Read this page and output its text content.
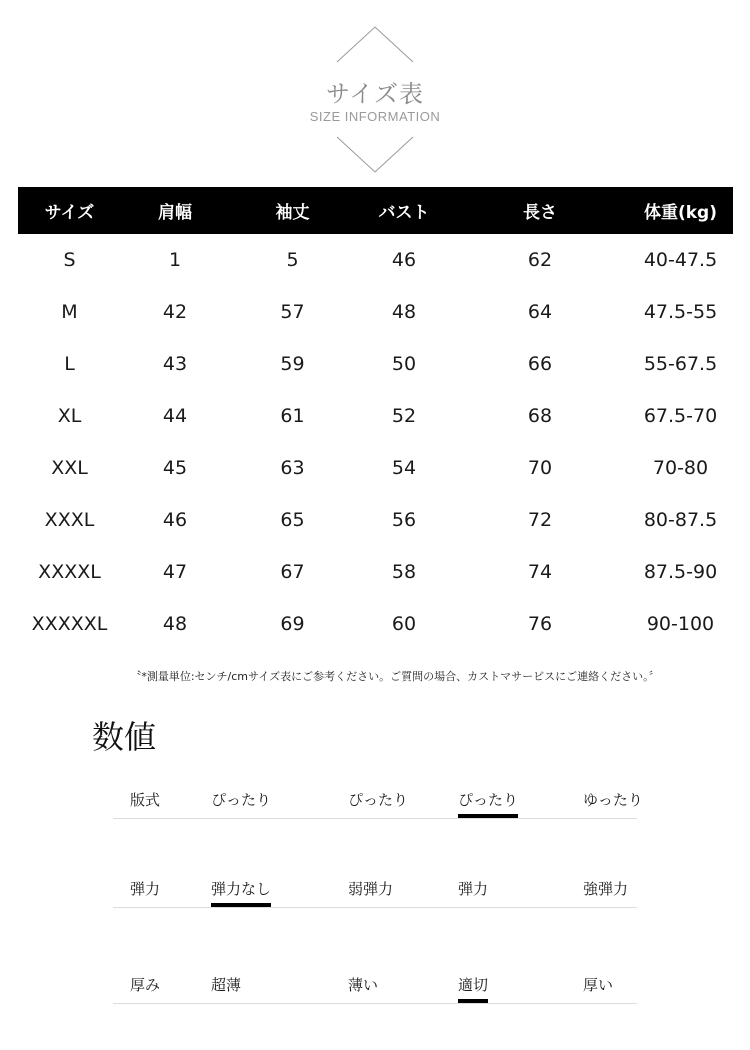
サイズ表
SIZE INFORMATION
サイズ	肩幅	袖丈	バスト	長さ	体重(kg)
S	1	5	46	62	40-47.5
M	42	57	48	64	47.5-55
L	43	59	50	66	55-67.5
XL	44	61	52	68	67.5-70
XXL	45	63	54	70	70-80
XXXL	46	65	56	72	80-87.5
XXXXL	47	67	58	74	87.5-90
XXXXXL	48	69	60	76	90-100
〝*測量単位:センチ/cmサイズ表にご参考ください。ご質問の場合、カストマサービスにご連絡ください。〞
数値
版式	ぴったり	ぴったり	ぴったり	ゆったり
弾力	弾力なし	弱弾力	弾力	強弾力
厚み	超薄	薄い	適切	厚い
